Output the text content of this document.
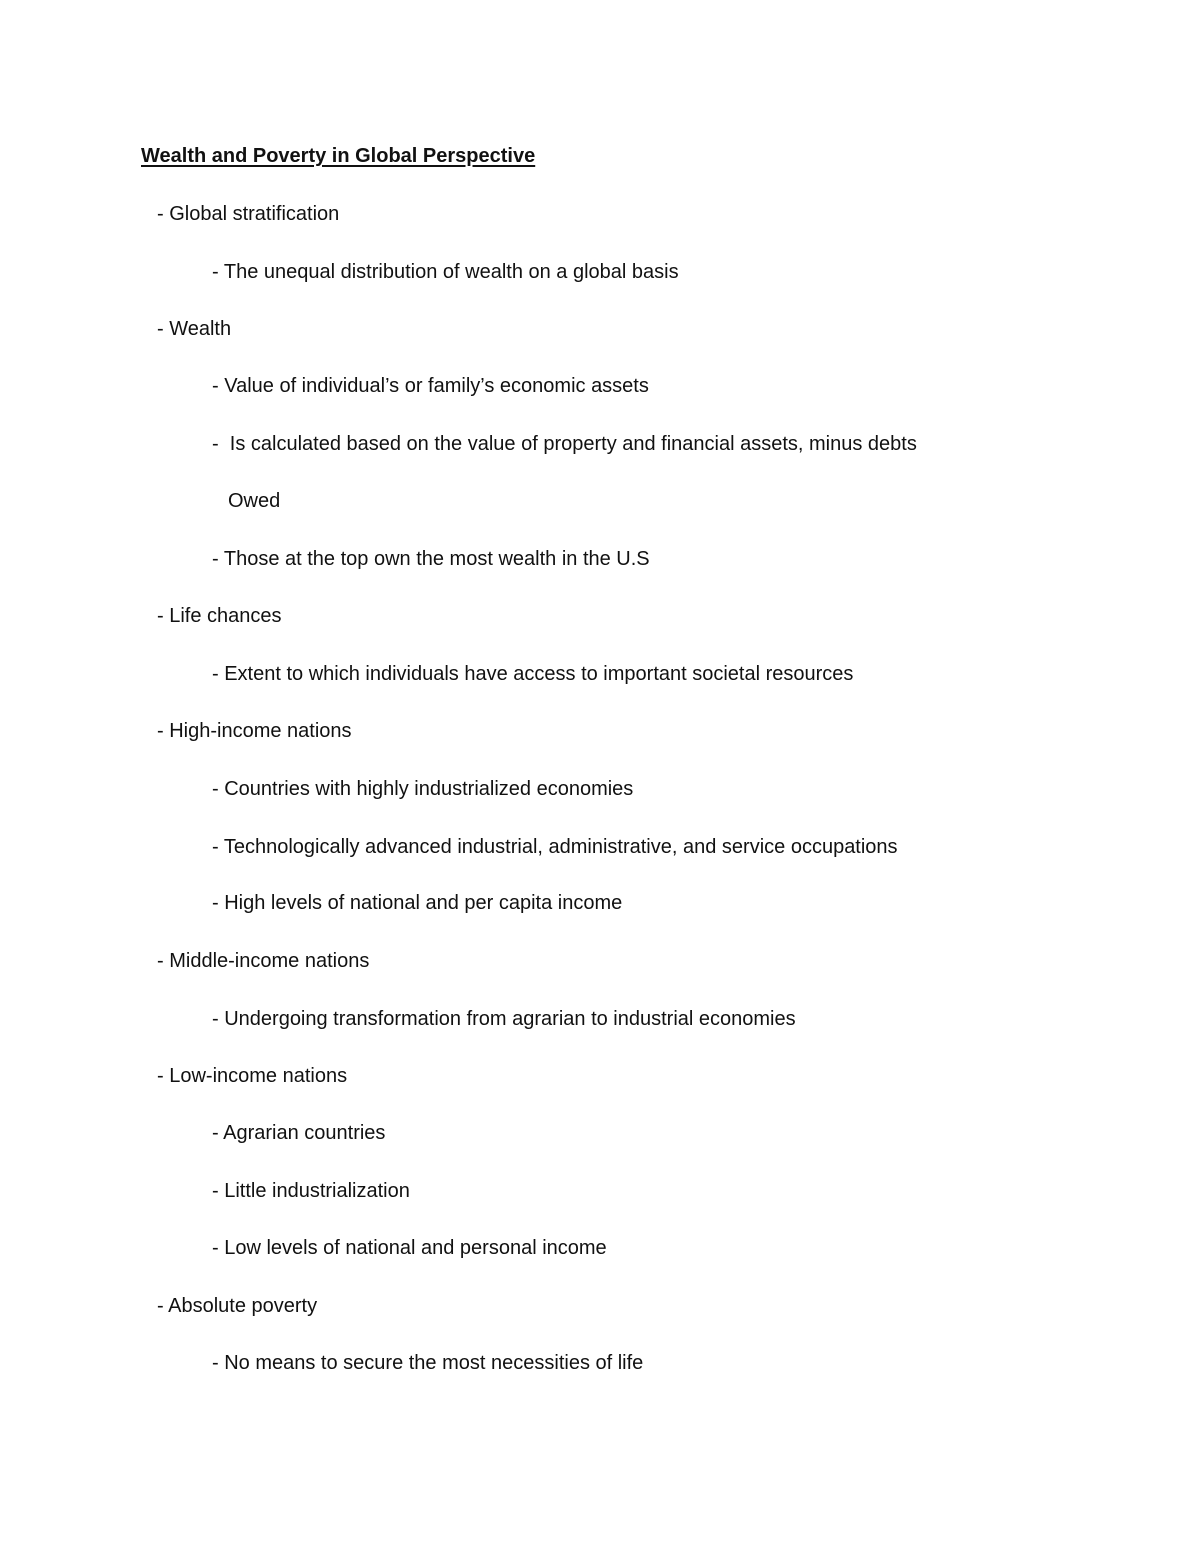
Wealth and Poverty in Global Perspective
- Global stratification
- The unequal distribution of wealth on a global basis
- Wealth
- Value of individual’s or family’s economic assets
-  Is calculated based on the value of property and financial assets, minus debts
Owed
- Those at the top own the most wealth in the U.S
- Life chances
- Extent to which individuals have access to important societal resources
- High-income nations
- Countries with highly industrialized economies
- Technologically advanced industrial, administrative, and service occupations
- High levels of national and per capita income
- Middle-income nations
- Undergoing transformation from agrarian to industrial economies
- Low-income nations
- Agrarian countries
- Little industrialization
- Low levels of national and personal income
- Absolute poverty
- No means to secure the most necessities of life
